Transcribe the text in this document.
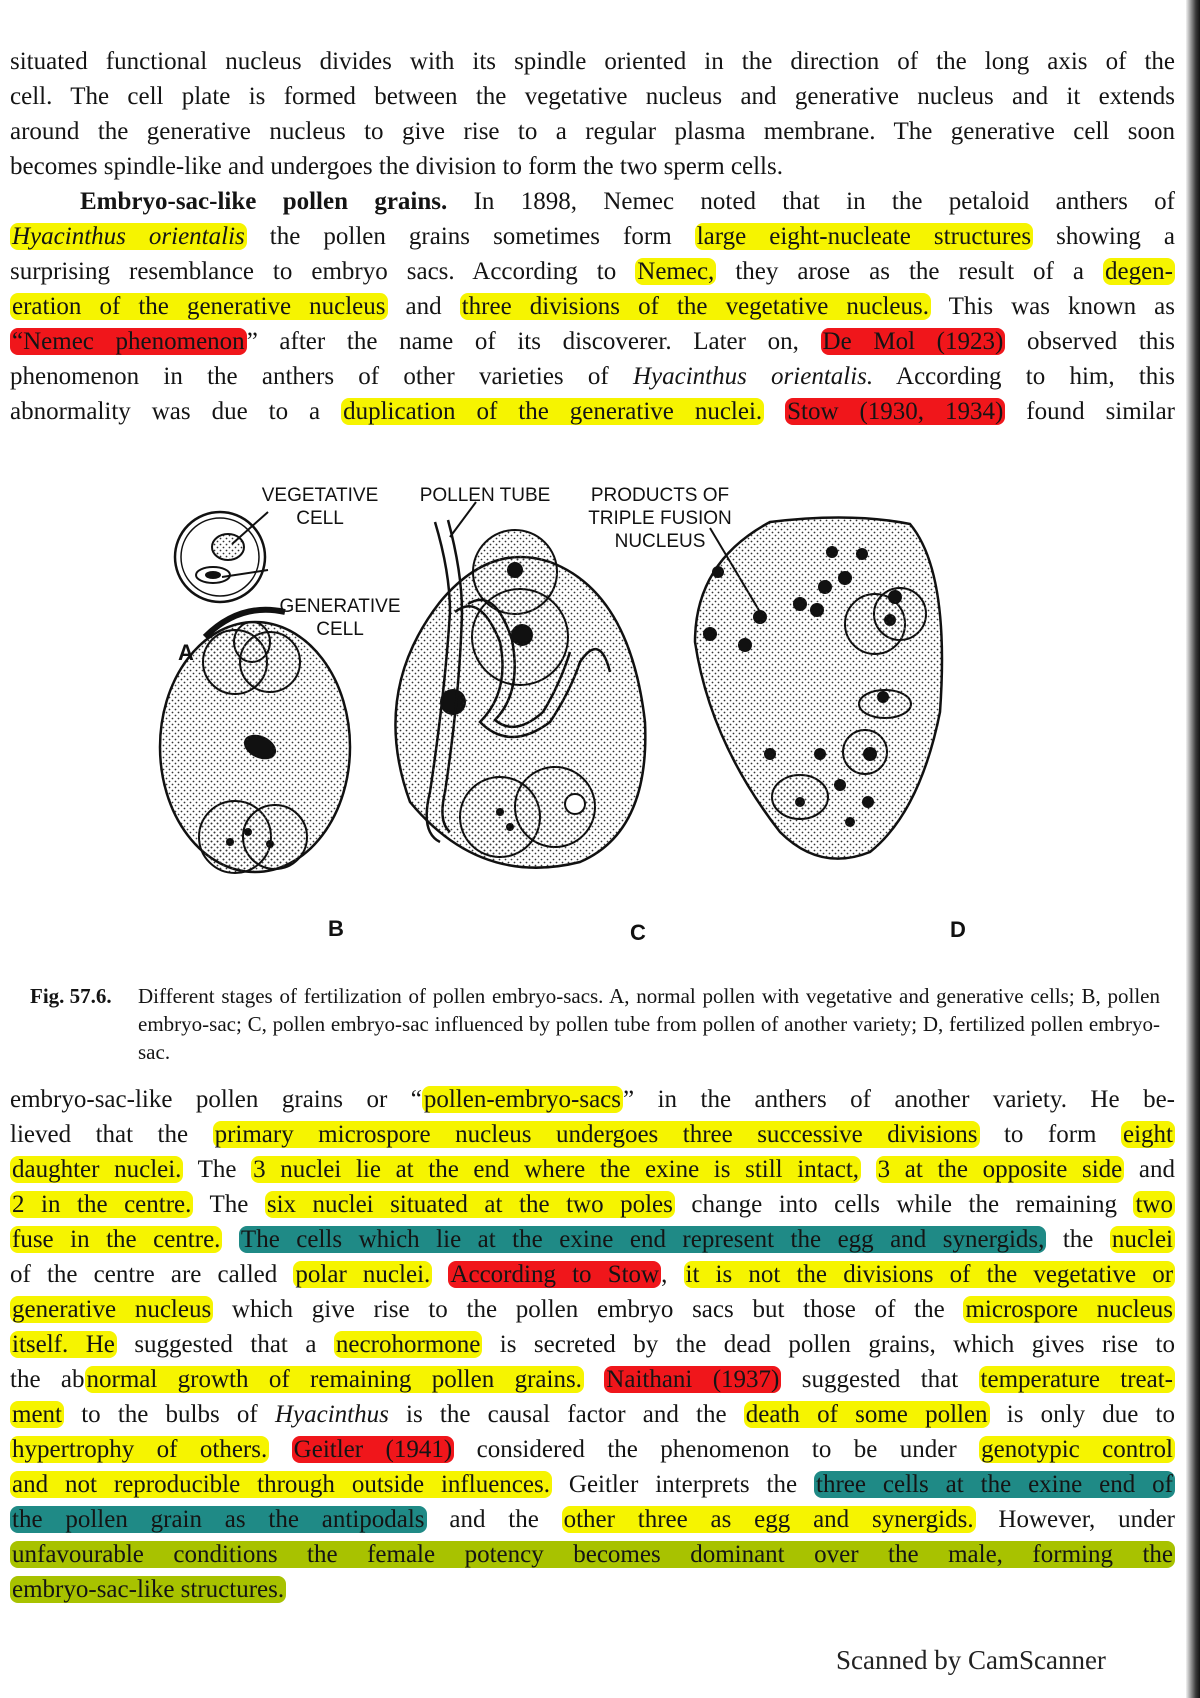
situated functional nucleus divides with its spindle oriented in the direction of the long axis of the
cell. The cell plate is formed between the vegetative nucleus and generative nucleus and it extends
around the generative nucleus to give rise to a regular plasma membrane. The generative cell soon
becomes spindle-like and undergoes the division to form the two sperm cells.
Embryo-sac-like pollen grains. In 1898, Nemec noted that in the petaloid anthers of
Hyacinthus orientalis the pollen grains sometimes form large eight-nucleate structures showing a
surprising resemblance to embryo sacs. According to Nemec, they arose as the result of a degen-
eration of the generative nucleus and three divisions of the vegetative nucleus. This was known as
“Nemec phenomenon” after the name of its discoverer. Later on, De Mol (1923) observed this
phenomenon in the anthers of other varieties of Hyacinthus orientalis. According to him, this
abnormality was due to a duplication of the generative nuclei. Stow (1930, 1934) found similar
VEGETATIVE CELL
POLLEN TUBE	PRODUCTS OF TRIPLE FUSION NUCLEUS
GENERATIVE CELL
A
B	C	D
Fig. 57.6. Different stages of fertilization of pollen embryo-sacs. A, normal pollen with vegetative and generative cells; B, pollen embryo-sac; C, pollen embryo-sac influenced by pollen tube from pollen of another variety; D, fertilized pollen embryo-sac.
embryo-sac-like pollen grains or “pollen-embryo-sacs” in the anthers of another variety. He be-
lieved that the primary microspore nucleus undergoes three successive divisions to form eight
daughter nuclei. The 3 nuclei lie at the end where the exine is still intact, 3 at the opposite side and
2 in the centre. The six nuclei situated at the two poles change into cells while the remaining two
fuse in the centre. The cells which lie at the exine end represent the egg and synergids, the nuclei
of the centre are called polar nuclei. According to Stow, it is not the divisions of the vegetative or
generative nucleus which give rise to the pollen embryo sacs but those of the microspore nucleus
itself. He suggested that a necrohormone is secreted by the dead pollen grains, which gives rise to
the abnormal growth of remaining pollen grains. Naithani (1937) suggested that temperature treat-
ment to the bulbs of Hyacinthus is the causal factor and the death of some pollen is only due to
hypertrophy of others. Geitler (1941) considered the phenomenon to be under genotypic control
and not reproducible through outside influences. Geitler interprets the three cells at the exine end of
the pollen grain as the antipodals and the other three as egg and synergids. However, under
unfavourable conditions the female potency becomes dominant over the male, forming the
embryo-sac-like structures.
Scanned by CamScanner
